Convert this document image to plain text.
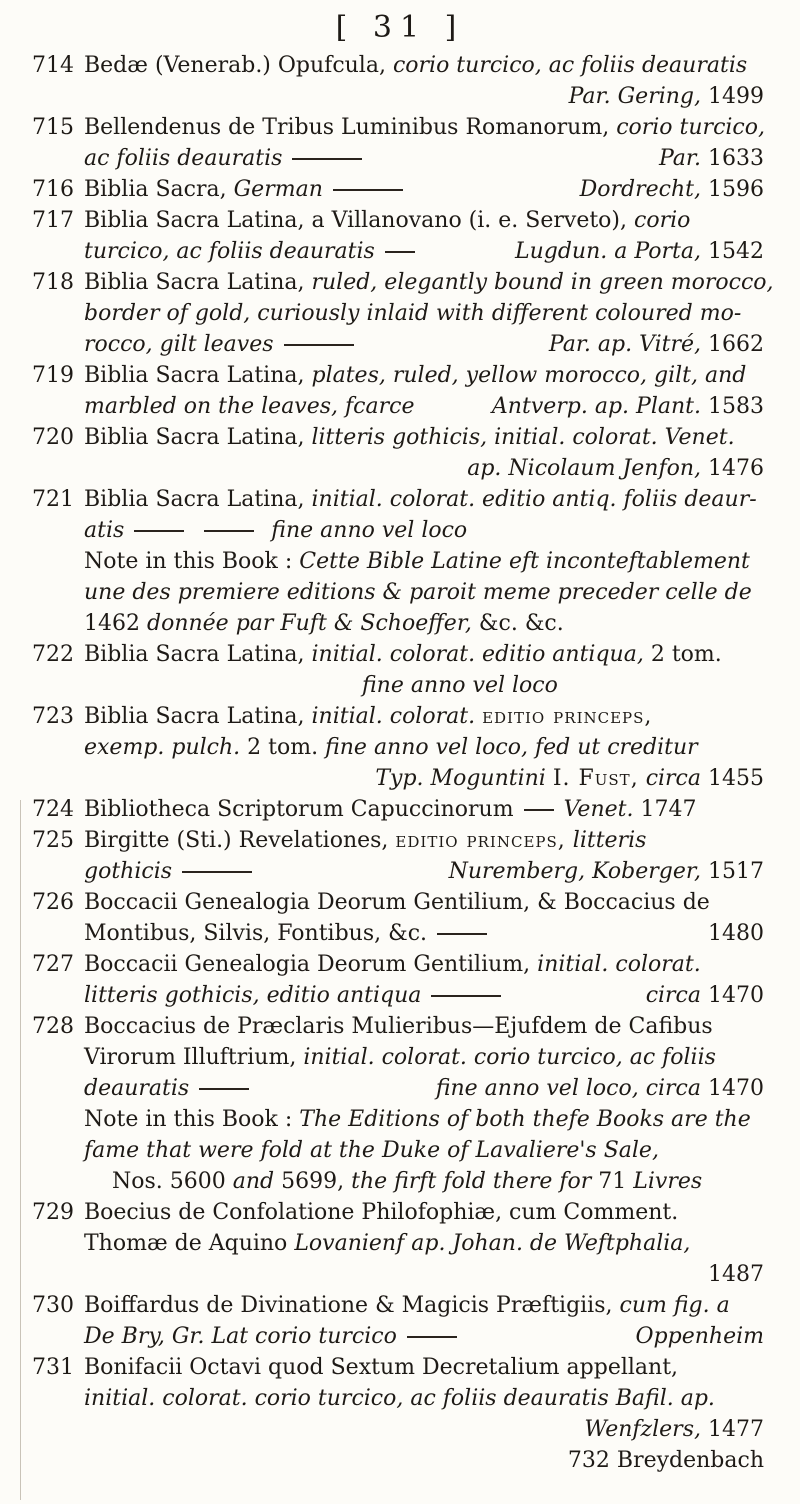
[ 31 ]
714 Bedæ (Venerab.) Opufcula, corio turcico, ac foliis deauratis
Par. Gering, 1499
715 Bellendenus de Tribus Luminibus Romanorum, corio turcico,
ac foliis deauratis	Par. 1633
716 Biblia Sacra, German	Dordrecht, 1596
717 Biblia Sacra Latina, a Villanovano (i. e. Serveto), corio
turcico, ac foliis deauratis	Lugdun. a Porta, 1542
718 Biblia Sacra Latina, ruled, elegantly bound in green morocco,
border of gold, curiously inlaid with different coloured mo-
rocco, gilt leaves	Par. ap. Vitré, 1662
719 Biblia Sacra Latina, plates, ruled, yellow morocco, gilt, and
marbled on the leaves, fcarce	Antverp. ap. Plant. 1583
720 Biblia Sacra Latina, litteris gothicis, initial. colorat. Venet.
ap. Nicolaum Jenfon, 1476
721 Biblia Sacra Latina, initial. colorat. editio antiq. foliis deaur-
atis	fine anno vel loco
Note in this Book : Cette Bible Latine eft inconteftablement
une des premiere editions & paroit meme preceder celle de
1462 donnée par Fuft & Schoeffer, &c. &c.
722 Biblia Sacra Latina, initial. colorat. editio antiqua, 2 tom.
fine anno vel loco
723 Biblia Sacra Latina, initial. colorat. editio princeps,
exemp. pulch. 2 tom. fine anno vel loco, fed ut creditur
Typ. Moguntini I. Fust, circa 1455
724 Bibliotheca Scriptorum Capuccinorum Venet. 1747
725 Birgitte (Sti.) Revelationes, editio princeps, litteris
gothicis	Nuremberg, Koberger, 1517
726 Boccacii Genealogia Deorum Gentilium, & Boccacius de
Montibus, Silvis, Fontibus, &c.	1480
727 Boccacii Genealogia Deorum Gentilium, initial. colorat.
litteris gothicis, editio antiqua	circa 1470
728 Boccacius de Præclaris Mulieribus—Ejufdem de Cafibus
Virorum Illuftrium, initial. colorat. corio turcico, ac foliis
deauratis	fine anno vel loco, circa 1470
Note in this Book : The Editions of both thefe Books are the
fame that were fold at the Duke of Lavaliere's Sale,
Nos. 5600 and 5699, the firft fold there for 71 Livres
729 Boecius de Confolatione Philofophiæ, cum Comment.
Thomæ de Aquino Lovanienf ap. Johan. de Weftphalia,
1487
730 Boiffardus de Divinatione & Magicis Præftigiis, cum fig. a
De Bry, Gr. Lat corio turcico	Oppenheim
731 Bonifacii Octavi quod Sextum Decretalium appellant,
initial. colorat. corio turcico, ac foliis deauratis Bafil. ap.
Wenfzlers, 1477
732 Breydenbach
